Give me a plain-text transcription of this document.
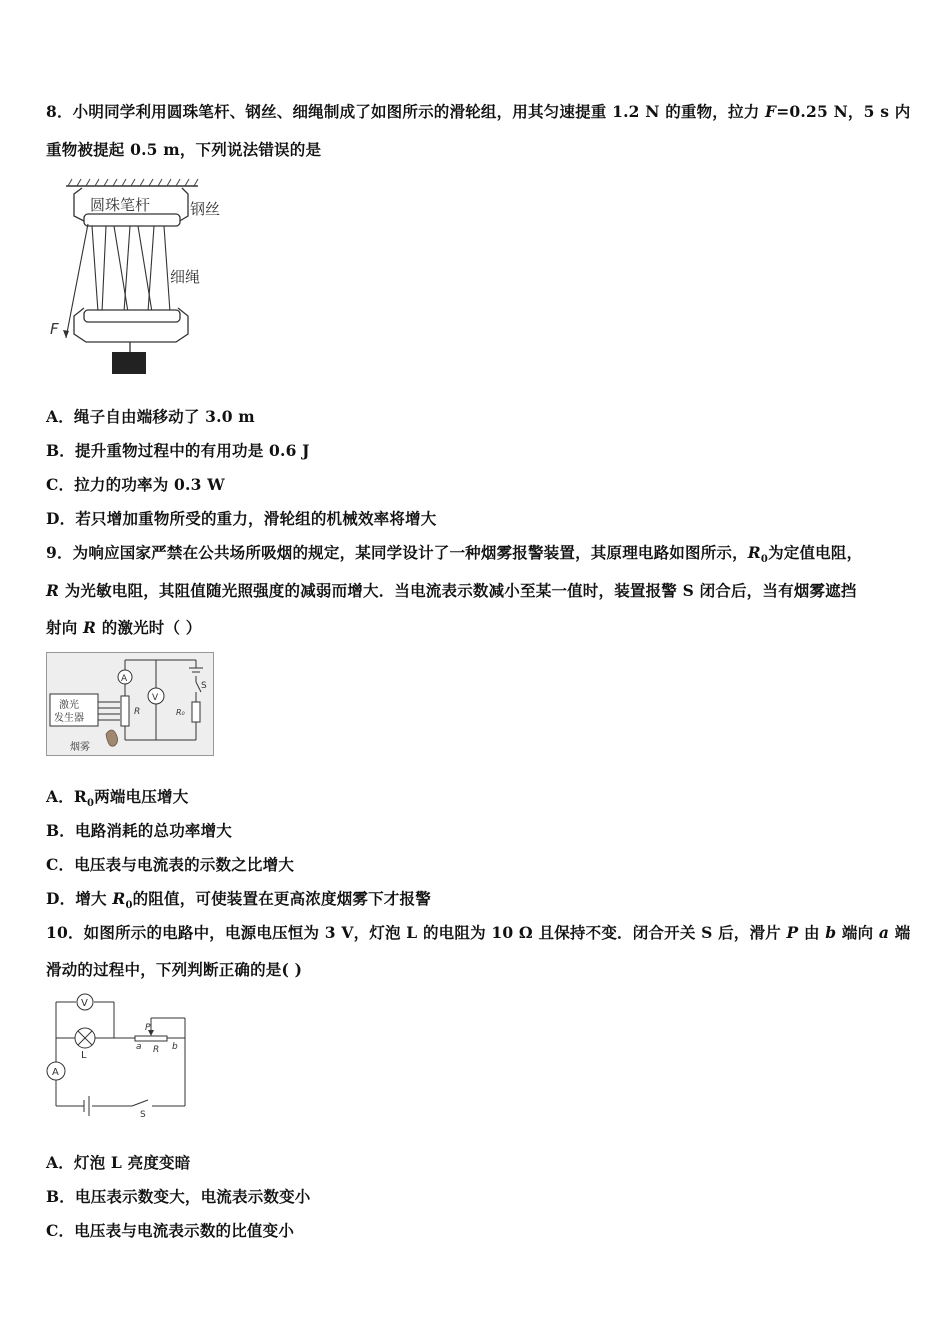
8．小明同学利用圆珠笔杆、钢丝、细绳制成了如图所示的滑轮组，用其匀速提重 1.2 N 的重物，拉力 F=0.25 N，5 s 内
重物被提起 0.5 m，下列说法错误的是
圆珠笔杆	钢丝
细绳
F
A．绳子自由端移动了 3.0 m
B．提升重物过程中的有用功是 0.6 J
C．拉力的功率为 0.3 W
D．若只增加重物所受的重力，滑轮组的机械效率将增大
9．为响应国家严禁在公共场所吸烟的规定，某同学设计了一种烟雾报警装置，其原理电路如图所示，$R_0$为定值电阻，
R 为光敏电阻，其阻值随光照强度的减弱而增大．当电流表示数减小至某一值时，装置报警 S 闭合后，当有烟雾遮挡
射向 R 的激光时（ ）
激光
发生器
R
A
V
S
R₀
烟雾
A．$R_0$两端电压增大
B．电路消耗的总功率增大
C．电压表与电流表的示数之比增大
D．增大 $R_0$的阻值，可使装置在更高浓度烟雾下才报警
10．如图所示的电路中，电源电压恒为 3 V，灯泡 L 的电阻为 10 Ω 且保持不变．闭合开关 S 后，滑片 P 由 b 端向 a 端
滑动的过程中，下列判断正确的是( )
V
L
A
P
a	b
R
S
A．灯泡 L 亮度变暗
B．电压表示数变大，电流表示数变小
C．电压表与电流表示数的比值变小
